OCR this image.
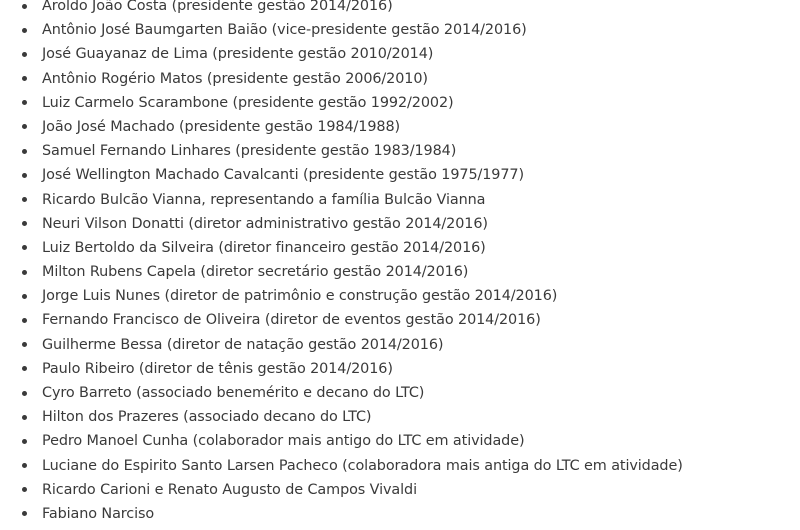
Aroldo João Costa (presidente gestão 2014/2016)
Antônio José Baumgarten Baião (vice-presidente gestão 2014/2016)
José Guayanaz de Lima (presidente gestão 2010/2014)
Antônio Rogério Matos (presidente gestão 2006/2010)
Luiz Carmelo Scarambone (presidente gestão 1992/2002)
João José Machado (presidente gestão 1984/1988)
Samuel Fernando Linhares (presidente gestão 1983/1984)
José Wellington Machado Cavalcanti (presidente gestão 1975/1977)
Ricardo Bulcão Vianna, representando a família Bulcão Vianna
Neuri Vilson Donatti (diretor administrativo gestão 2014/2016)
Luiz Bertoldo da Silveira (diretor financeiro gestão 2014/2016)
Milton Rubens Capela (diretor secretário gestão 2014/2016)
Jorge Luis Nunes (diretor de patrimônio e construção gestão 2014/2016)
Fernando Francisco de Oliveira (diretor de eventos gestão 2014/2016)
Guilherme Bessa (diretor de natação gestão 2014/2016)
Paulo Ribeiro (diretor de tênis gestão 2014/2016)
Cyro Barreto (associado benemérito e decano do LTC)
Hilton dos Prazeres (associado decano do LTC)
Pedro Manoel Cunha (colaborador mais antigo do LTC em atividade)
Luciane do Espirito Santo Larsen Pacheco (colaboradora mais antiga do LTC em atividade)
Ricardo Carioni e Renato Augusto de Campos Vivaldi
Fabiano Narciso
